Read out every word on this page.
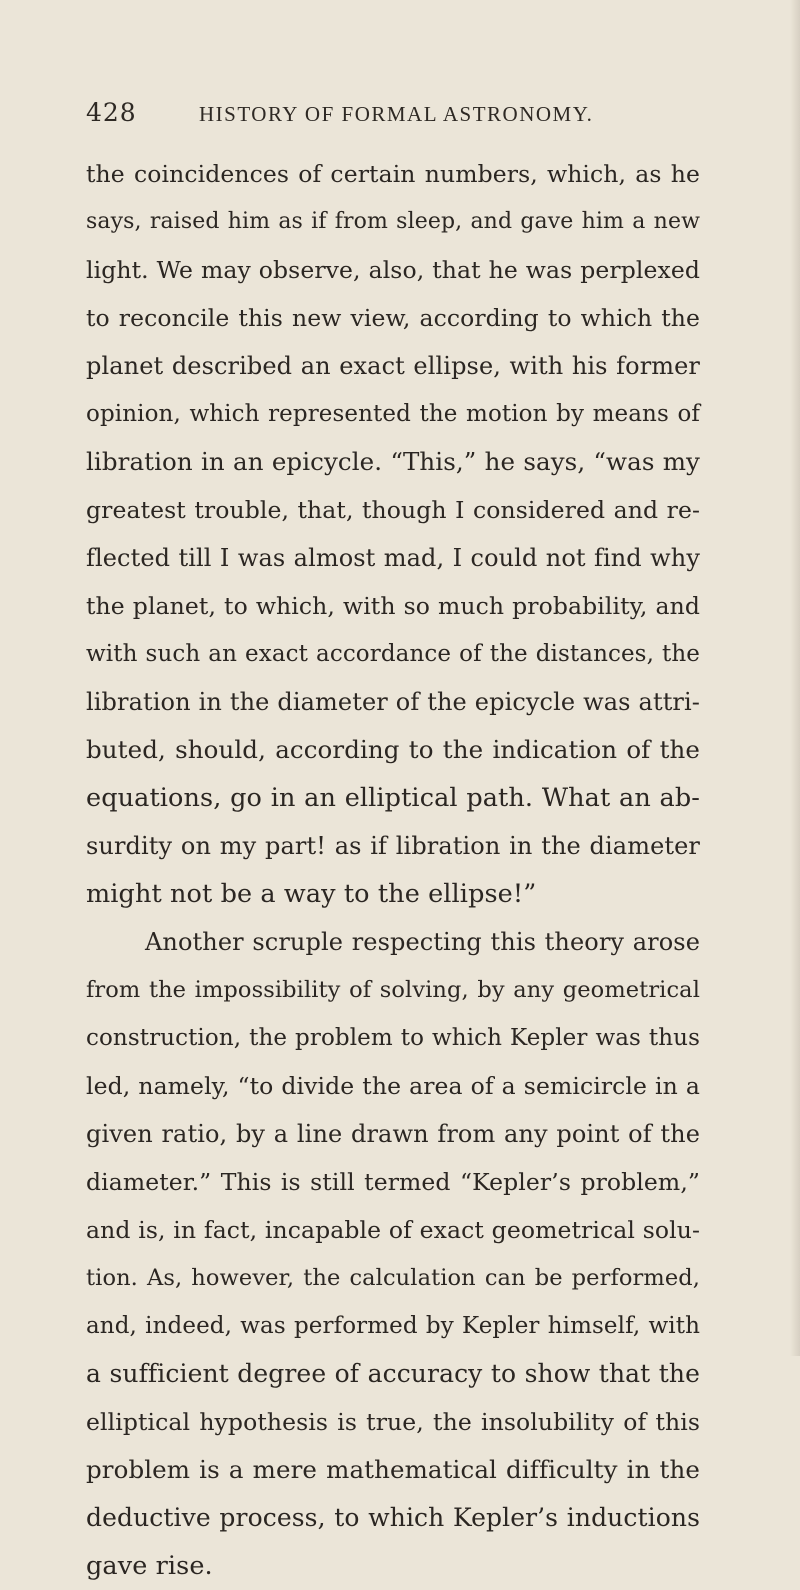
428	HISTORY OF FORMAL ASTRONOMY.
the coincidences of certain numbers, which, as he
says, raised him as if from sleep, and gave him a new
light. We may observe, also, that he was perplexed
to reconcile this new view, according to which the
planet described an exact ellipse, with his former
opinion, which represented the motion by means of
libration in an epicycle. “This,” he says, “was my
greatest trouble, that, though I considered and re-
flected till I was almost mad, I could not find why
the planet, to which, with so much probability, and
with such an exact accordance of the distances, the
libration in the diameter of the epicycle was attri-
buted, should, according to the indication of the
equations, go in an elliptical path. What an ab-
surdity on my part! as if libration in the diameter
might not be a way to the ellipse!”
Another scruple respecting this theory arose
from the impossibility of solving, by any geometrical
construction, the problem to which Kepler was thus
led, namely, “to divide the area of a semicircle in a
given ratio, by a line drawn from any point of the
diameter.” This is still termed “Kepler’s problem,”
and is, in fact, incapable of exact geometrical solu-
tion. As, however, the calculation can be performed,
and, indeed, was performed by Kepler himself, with
a sufficient degree of accuracy to show that the
elliptical hypothesis is true, the insolubility of this
problem is a mere mathematical difficulty in the
deductive process, to which Kepler’s inductions
gave rise.
